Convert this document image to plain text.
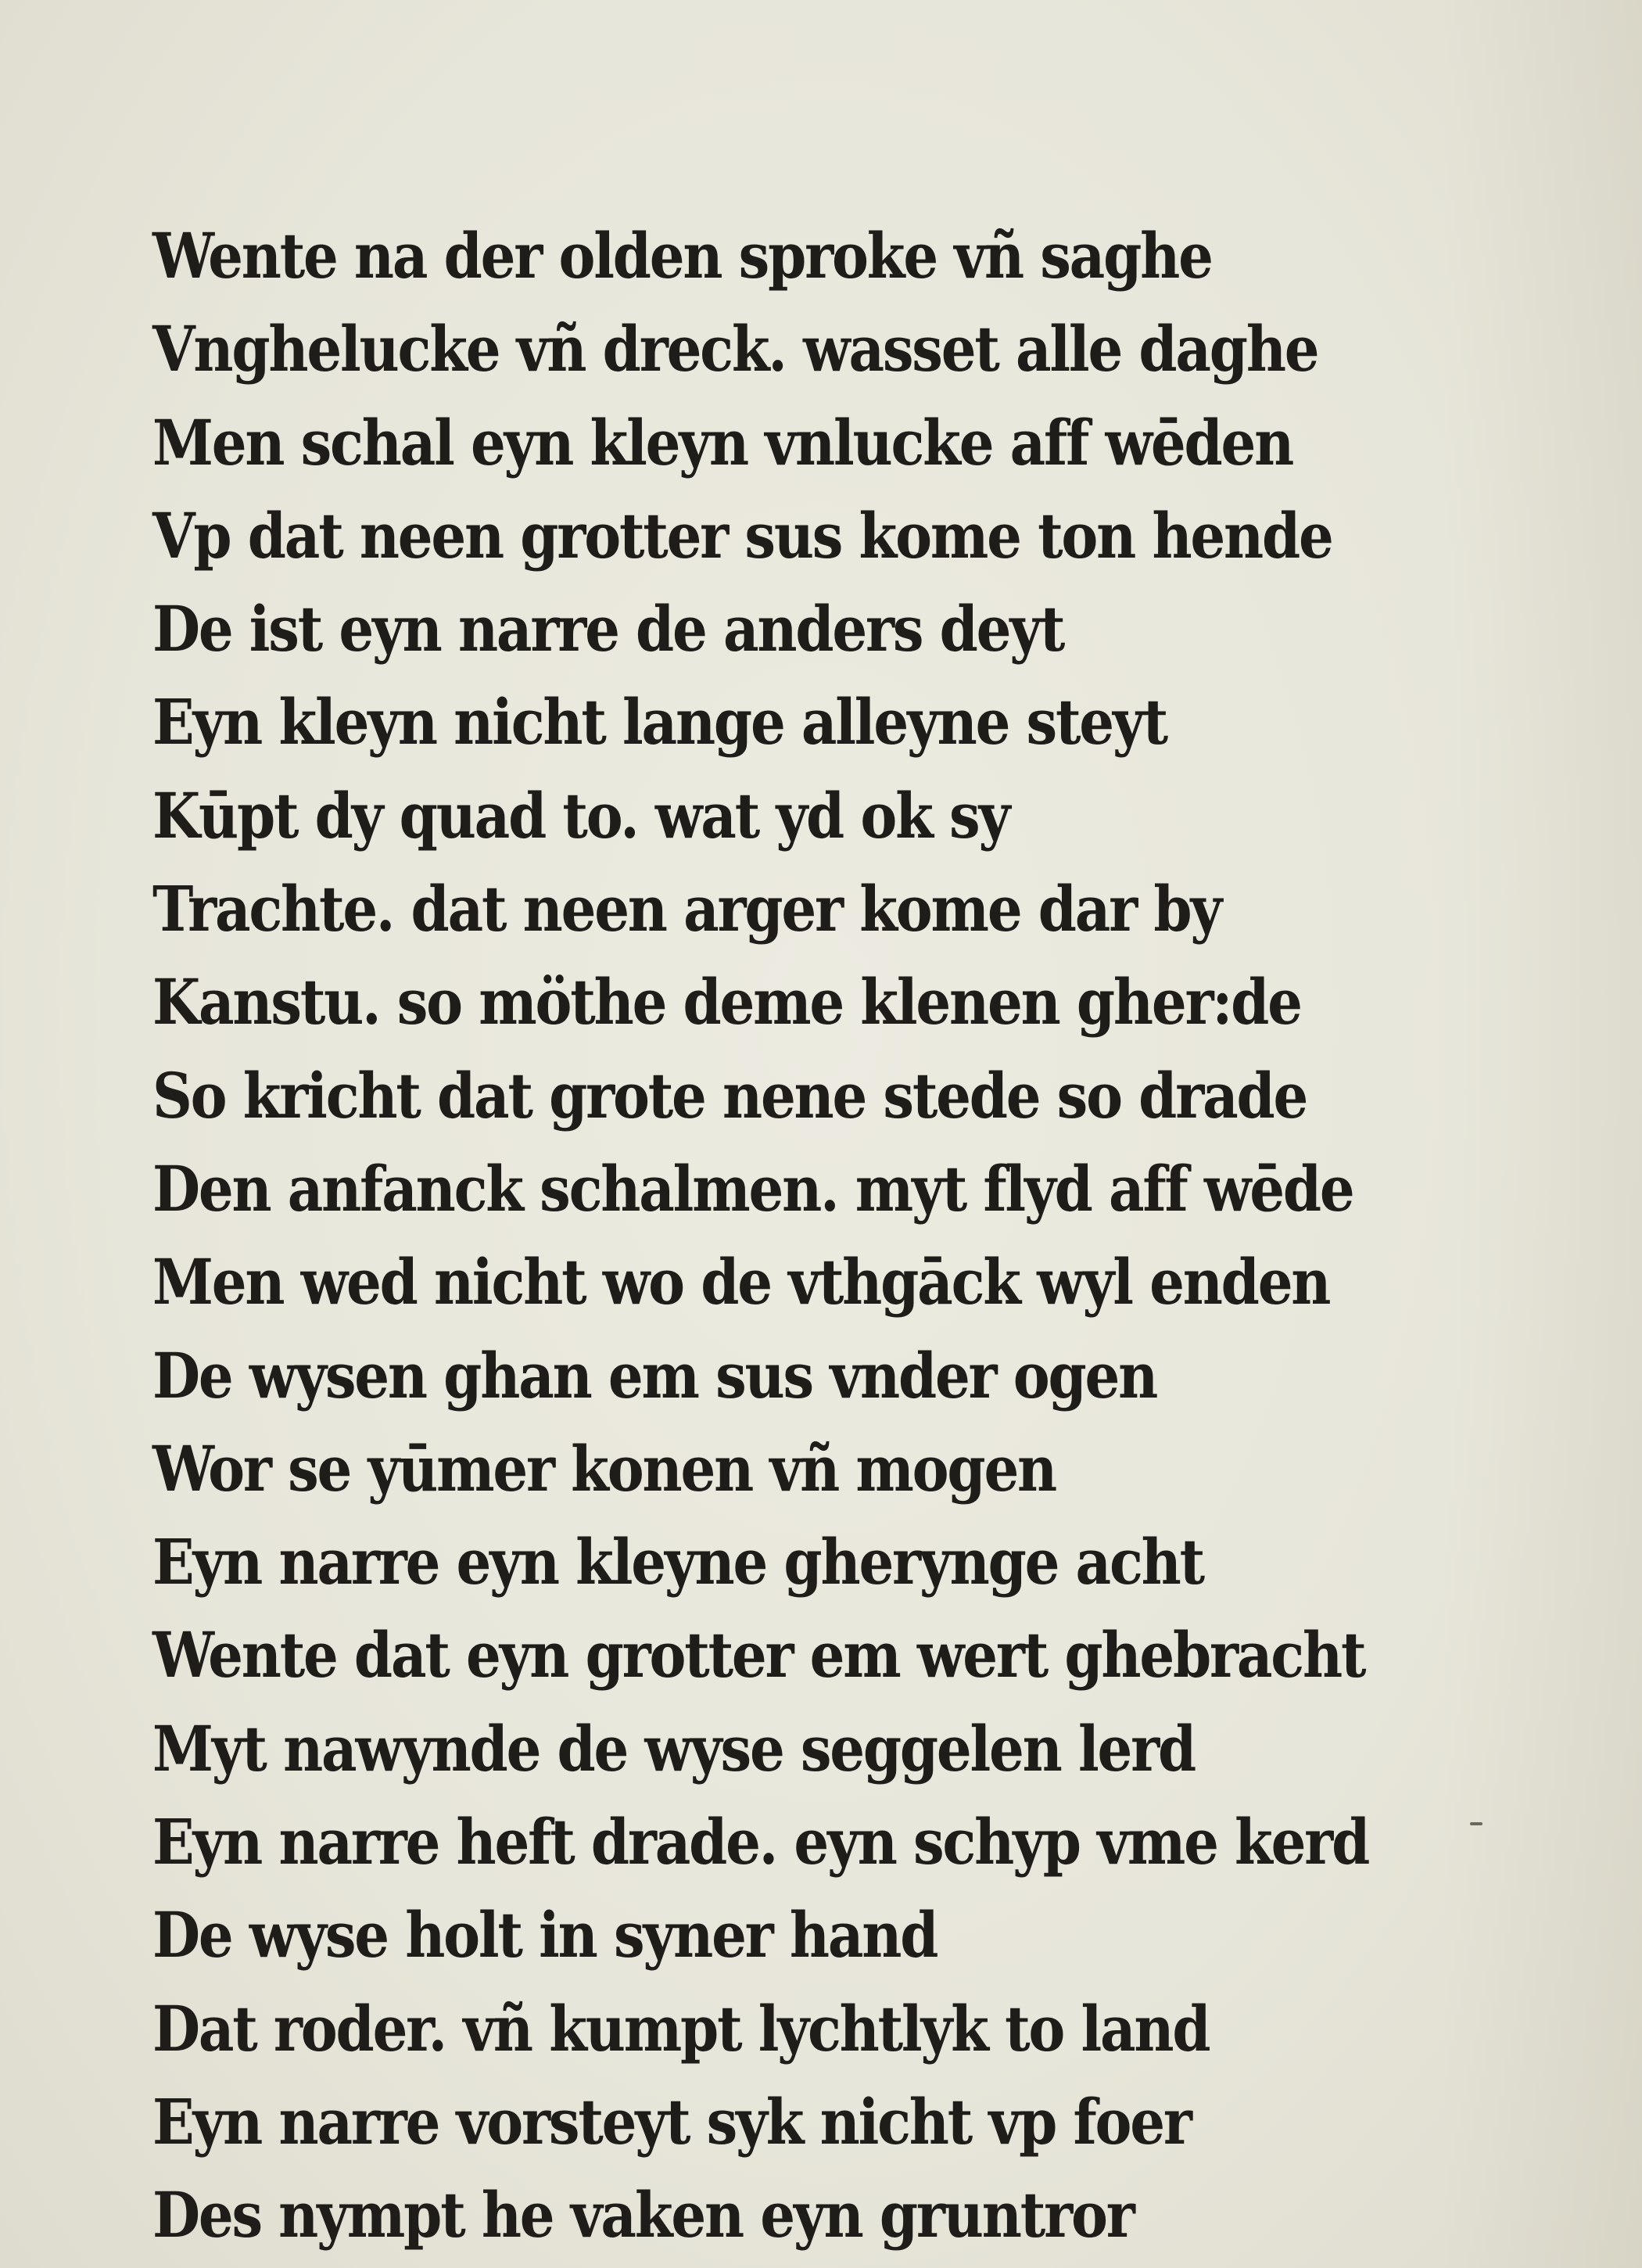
Wente na der olden sproke vñ saghe
Vnghelucke vñ dreck. wasset alle daghe
Men schal eyn kleyn vnlucke aff wēden
Vp dat neen grotter sus kome ton hende
De ist eyn narre de anders deyt
Eyn kleyn nicht lange alleyne steyt
Kūpt dy quad to. wat yd ok sy
Trachte. dat neen arger kome dar by
Kanstu. so möthe deme klenen gher:de
So kricht dat grote nene stede so drade
Den anfanck schalmen. myt flyd aff wēde
Men wed nicht wo de vthgāck wyl enden
De wysen ghan em sus vnder ogen
Wor se yūmer konen vñ mogen
Eyn narre eyn kleyne gherynge acht
Wente dat eyn grotter em wert ghebracht
Myt nawynde de wyse seggelen lerd
Eyn narre heft drade. eyn schyp vme kerd
De wyse holt in syner hand
Dat roder. vñ kumpt lychtlyk to land
Eyn narre vorsteyt syk nicht vp foer
Des nympt he vaken eyn gruntror
